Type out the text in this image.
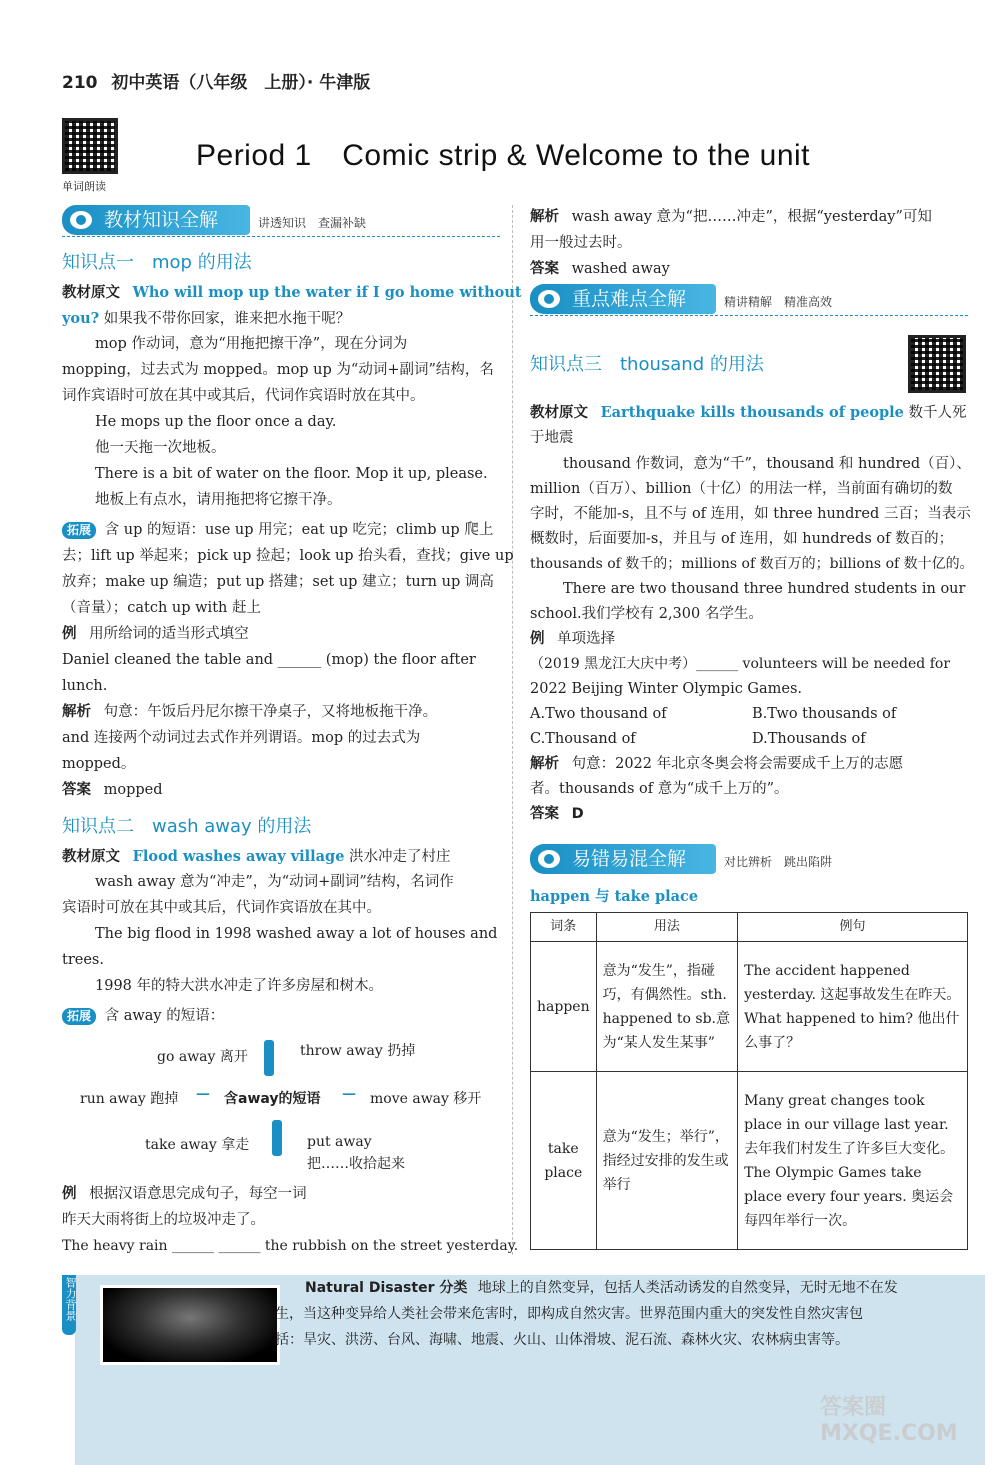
210 初中英语（八年级　上册）· 牛津版
单词朗读
Period 1　Comic strip & Welcome to the unit
教材知识全解	讲透知识　查漏补缺
知识点一　mop 的用法
教材原文 Who will mop up the water if I go home without
you? 如果我不带你回家，谁来把水拖干呢？
mop 作动词，意为“用拖把擦干净”，现在分词为
mopping，过去式为 mopped。mop up 为“动词+副词”结构，名
词作宾语时可放在其中或其后，代词作宾语时放在其中。
He mops up the floor once a day.
他一天拖一次地板。
There is a bit of water on the floor. Mop it up, please.
地板上有点水，请用拖把将它擦干净。
拓展 含 up 的短语：use up 用完；eat up 吃完；climb up 爬上
去；lift up 举起来；pick up 捡起；look up 抬头看，查找；give up
放弃；make up 编造；put up 搭建；set up 建立；turn up 调高
（音量）；catch up with 赶上
例 用所给词的适当形式填空
Daniel cleaned the table and ______ (mop) the floor after
lunch.
解析 句意：午饭后丹尼尔擦干净桌子，又将地板拖干净。
and 连接两个动词过去式作并列谓语。mop 的过去式为
mopped。
答案 mopped
知识点二　wash away 的用法
教材原文 Flood washes away village 洪水冲走了村庄
wash away 意为“冲走”，为“动词+副词”结构，名词作
宾语时可放在其中或其后，代词作宾语放在其中。
The big flood in 1998 washed away a lot of houses and
trees.
1998 年的特大洪水冲走了许多房屋和树木。
拓展 含 away 的短语：
go away 离开	throw away 扔掉
run away 跑掉 — 含away的短语 — move away 移开
take away 拿走	put away
把……收拾起来
例 根据汉语意思完成句子，每空一词
昨天大雨将街上的垃圾冲走了。
The heavy rain ______ ______ the rubbish on the street yesterday.
解析 wash away 意为“把……冲走”，根据“yesterday”可知
用一般过去时。
答案 washed away
重点难点全解	精讲精解　精准高效
知识点三　thousand 的用法
教材原文 Earthquake kills thousands of people 数千人死
于地震
thousand 作数词，意为“千”，thousand 和 hundred（百）、
million（百万）、billion（十亿）的用法一样，当前面有确切的数
字时，不能加-s，且不与 of 连用，如 three hundred 三百；当表示
概数时，后面要加-s，并且与 of 连用，如 hundreds of 数百的；
thousands of 数千的；millions of 数百万的；billions of 数十亿的。
There are two thousand three hundred students in our
school.我们学校有 2,300 名学生。
例 单项选择
（2019 黑龙江大庆中考）______ volunteers will be needed for
2022 Beijing Winter Olympic Games.
A.Two thousand of	B.Two thousands of
C.Thousand of	D.Thousands of
解析 句意：2022 年北京冬奥会将会需要成千上万的志愿
者。thousands of 意为“成千上万的”。
答案 D
易错易混全解	对比辨析　跳出陷阱
happen 与 take place
词条	用法	例句
happen	意为“发生”，指碰巧，有偶然性。sth. happened to sb.意为“某人发生某事”	The accident happened yesterday. 这起事故发生在昨天。What happened to him? 他出什么事了？
take place	意为“发生；举行”，指经过安排的发生或举行	Many great changes took place in our village last year. 去年我们村发生了许多巨大变化。The Olympic Games take place every four years. 奥运会每四年举行一次。
智力背景	Natural Disaster 分类 地球上的自然变异，包括人类活动诱发的自然变异，无时无地不在发
生，当这种变异给人类社会带来危害时，即构成自然灾害。世界范围内重大的突发性自然灾害包
括：旱灾、洪涝、台风、海啸、地震、火山、山体滑坡、泥石流、森林火灾、农林病虫害等。
答案圈 MXQE.COM
